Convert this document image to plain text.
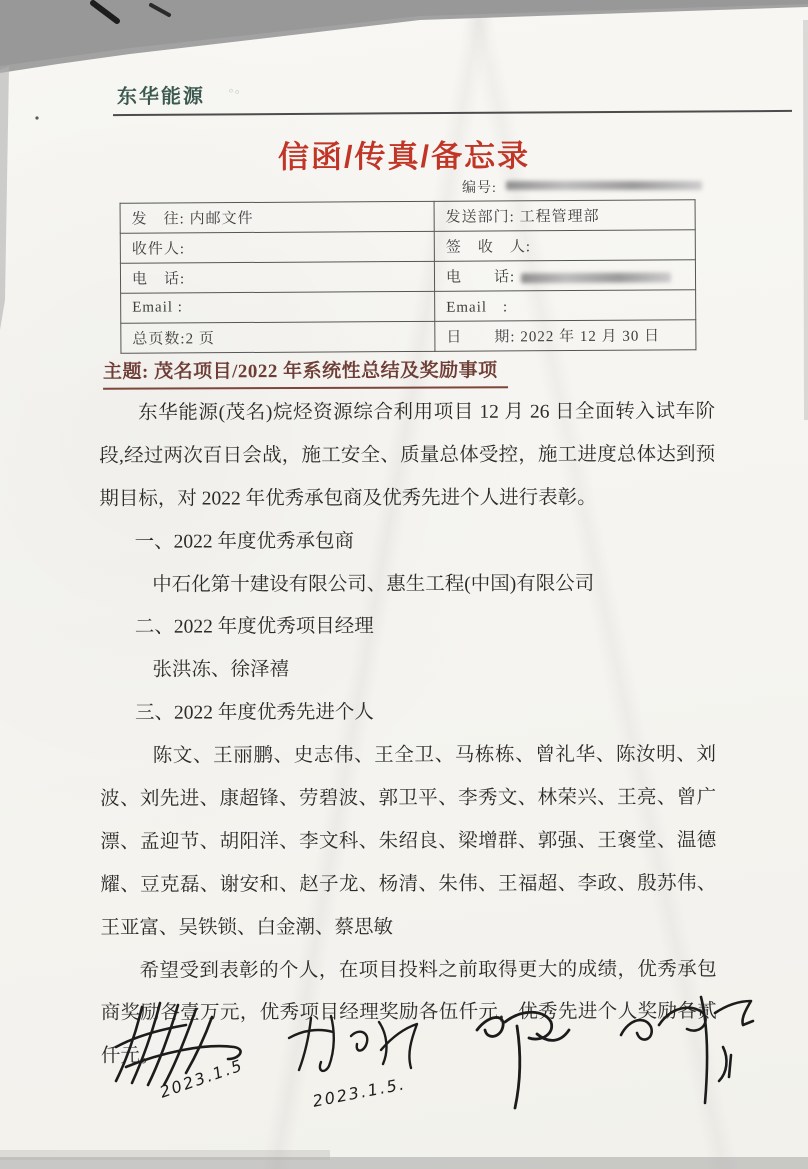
东华能源 ◦◦
信函/传真/备忘录
编号:
发　往: 内邮文件	发送部门: 工程管理部
收件人:	签　收　人:
电　话:	电　　话:
Email :	Email　:
总页数:2 页	日　　期: 2022 年 12 月 30 日
主题: 茂名项目/2022 年系统性总结及奖励事项

东华能源(茂名)烷烃资源综合利用项目 12 月 26 日全面转入试车阶段,经过两次百日会战，施工安全、质量总体受控，施工进度总体达到预期目标，对 2022 年优秀承包商及优秀先进个人进行表彰。

一、2022 年度优秀承包商

中石化第十建设有限公司、惠生工程(中国)有限公司

二、2022 年度优秀项目经理

张洪冻、徐泽禧

三、2022 年度优秀先进个人

陈文、王丽鹏、史志伟、王全卫、马栋栋、曾礼华、陈汝明、刘波、刘先进、康超锋、劳碧波、郭卫平、李秀文、林荣兴、王亮、曾广漂、孟迎节、胡阳洋、李文科、朱绍良、梁增群、郭强、王褒堂、温德耀、豆克磊、谢安和、赵子龙、杨清、朱伟、王福超、李政、殷苏伟、王亚富、吴铁锁、白金潮、蔡思敏

希望受到表彰的个人，在项目投料之前取得更大的成绩，优秀承包商奖励各壹万元，优秀项目经理奖励各伍仟元，优秀先进个人奖励各贰仟元。

2023.1.5	2023.1.5.
